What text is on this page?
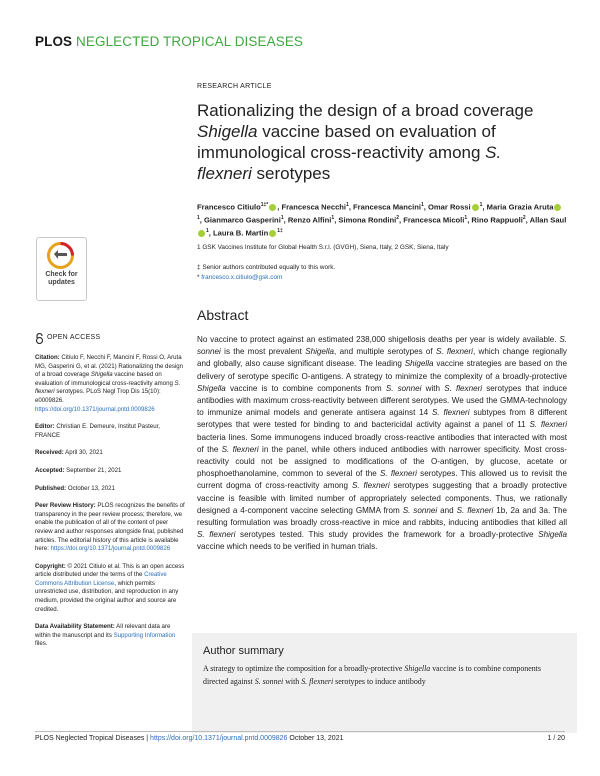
PLOS NEGLECTED TROPICAL DISEASES
RESEARCH ARTICLE
Rationalizing the design of a broad coverage Shigella vaccine based on evaluation of immunological cross-reactivity among S. flexneri serotypes
Francesco Citiulo$^{1\ddagger*}$ , Francesca Necchi$^1$, Francesca Mancini$^1$, Omar Rossi $^1$, Maria Grazia Aruta$^1$, Gianmarco Gasperini$^1$, Renzo Alfini$^1$, Simona Rondini$^2$, Francesca Micoli$^1$, Rino Rappuoli$^2$, Allan Saul$^1$, Laura B. Martin $^{1\ddagger}$
1 GSK Vaccines Institute for Global Health S.r.l. (GVGH), Siena, Italy, 2 GSK, Siena, Italy
‡ Senior authors contributed equally to this work.
* francesco.x.citiulo@gsk.com
Check for
updates
OPEN ACCESS
Citation: Citiulo F, Necchi F, Mancini F, Rossi O, Aruta MG, Gasperini G, et al. (2021) Rationalizing the design of a broad coverage Shigella vaccine based on evaluation of immunological cross-reactivity among S. flexneri serotypes. PLoS Negl Trop Dis 15(10): e0009826. https://doi.org/10.1371/journal.pntd.0009826
Editor: Christian E. Demeure, Institut Pasteur, FRANCE
Received: April 30, 2021
Accepted: September 21, 2021
Published: October 13, 2021
Peer Review History: PLOS recognizes the benefits of transparency in the peer review process; therefore, we enable the publication of all of the content of peer review and author responses alongside final, published articles. The editorial history of this article is available here: https://doi.org/10.1371/journal.pntd.0009826
Copyright: © 2021 Citiulo et al. This is an open access article distributed under the terms of the Creative Commons Attribution License, which permits unrestricted use, distribution, and reproduction in any medium, provided the original author and source are credited.
Data Availability Statement: All relevant data are within the manuscript and its Supporting Information files.
Abstract
No vaccine to protect against an estimated 238,000 shigellosis deaths per year is widely available. S. sonnei is the most prevalent Shigella, and multiple serotypes of S. flexneri, which change regionally and globally, also cause significant disease. The leading Shigella vaccine strategies are based on the delivery of serotype specific O-antigens. A strategy to minimize the complexity of a broadly-protective Shigella vaccine is to combine components from S. sonnei with S. flexneri serotypes that induce antibodies with maximum cross-reactivity between different serotypes. We used the GMMA-technology to immunize animal models and generate antisera against 14 S. flexneri subtypes from 8 different serotypes that were tested for binding to and bactericidal activity against a panel of 11 S. flexneri bacteria lines. Some immunogens induced broadly cross-reactive antibodies that interacted with most of the S. flexneri in the panel, while others induced antibodies with narrower specificity. Most cross-reactivity could not be assigned to modifications of the O-antigen, by glucose, acetate or phosphoethanolamine, common to several of the S. flexneri serotypes. This allowed us to revisit the current dogma of cross-reactivity among S. flexneri serotypes suggesting that a broadly protective vaccine is feasible with limited number of appropriately selected components. Thus, we rationally designed a 4-component vaccine selecting GMMA from S. sonnei and S. flexneri 1b, 2a and 3a. The resulting formulation was broadly cross-reactive in mice and rabbits, inducing antibodies that killed all S. flexneri serotypes tested. This study provides the framework for a broadly-protective Shigella vaccine which needs to be verified in human trials.
Author summary
A strategy to optimize the composition for a broadly-protective Shigella vaccine is to combine components directed against S. sonnei with S. flexneri serotypes to induce antibody
PLOS Neglected Tropical Diseases | https://doi.org/10.1371/journal.pntd.0009826 October 13, 2021	1 / 20
